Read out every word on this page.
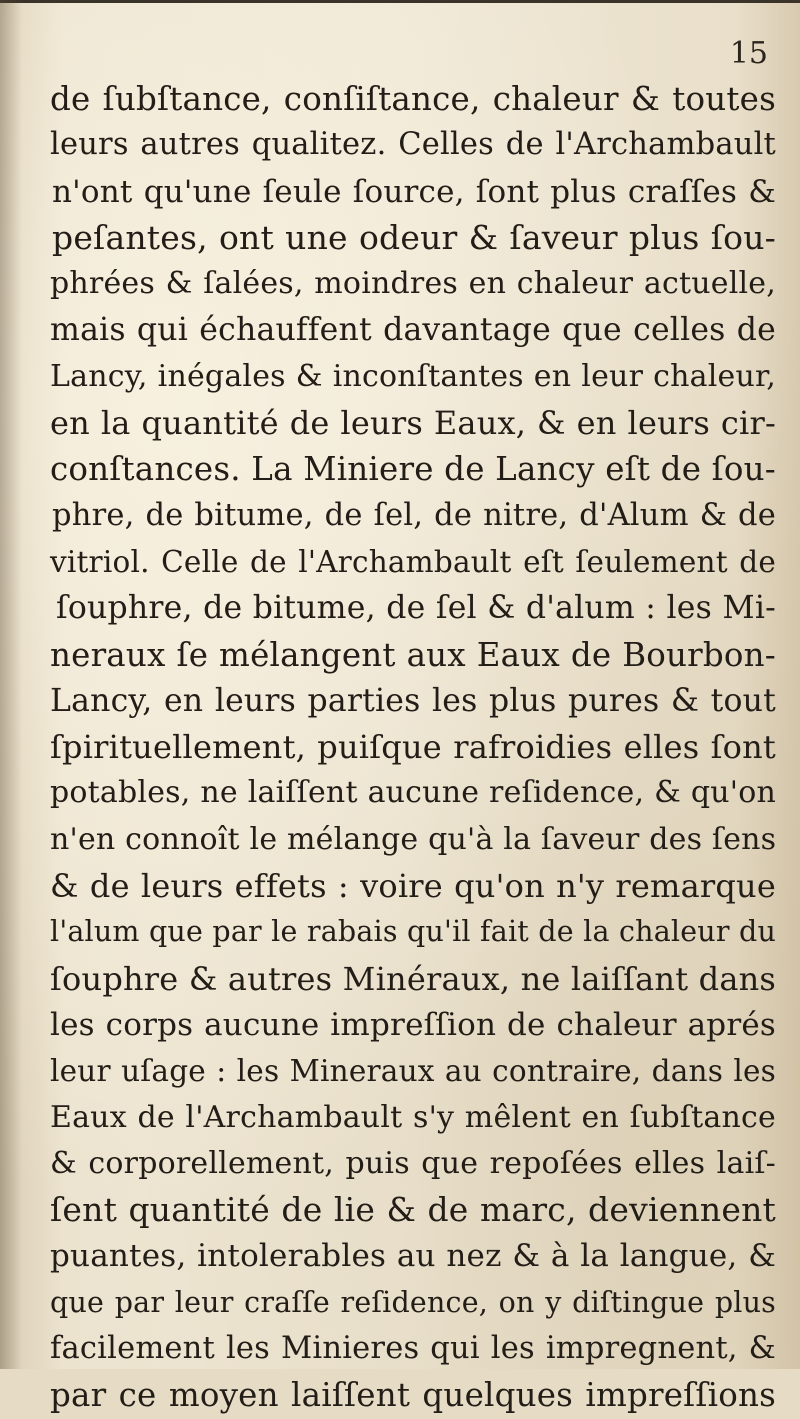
15
de ſubſtance, conſiſtance, chaleur & toutes
leurs autres qualitez. Celles de l'Archambault
n'ont qu'une ſeule ſource, ſont plus craſſes &
peſantes, ont une odeur & ſaveur plus ſou-
phrées & ſalées, moindres en chaleur actuelle,
mais qui échauffent davantage que celles de
Lancy, inégales & inconſtantes en leur chaleur,
en la quantité de leurs Eaux, & en leurs cir-
conſtances. La Miniere de Lancy eſt de ſou-
phre, de bitume, de ſel, de nitre, d'Alum & de
vitriol. Celle de l'Archambault eſt ſeulement de
ſouphre, de bitume, de ſel & d'alum : les Mi-
neraux ſe mélangent aux Eaux de Bourbon-
Lancy, en leurs parties les plus pures & tout
ſpirituellement, puiſque rafroidies elles ſont
potables, ne laiſſent aucune reſidence, & qu'on
n'en connoît le mélange qu'à la ſaveur des ſens
& de leurs effets : voire qu'on n'y remarque
l'alum que par le rabais qu'il fait de la chaleur du
ſouphre & autres Minéraux, ne laiſſant dans
les corps aucune impreſſion de chaleur aprés
leur uſage : les Mineraux au contraire, dans les
Eaux de l'Archambault s'y mêlent en ſubſtance
& corporellement, puis que repoſées elles laiſ-
ſent quantité de lie & de marc, deviennent
puantes, intolerables au nez & à la langue, &
que par leur craſſe reſidence, on y diſtingue plus
facilement les Minieres qui les impregnent, &
par ce moyen laiſſent quelques impreſſions
